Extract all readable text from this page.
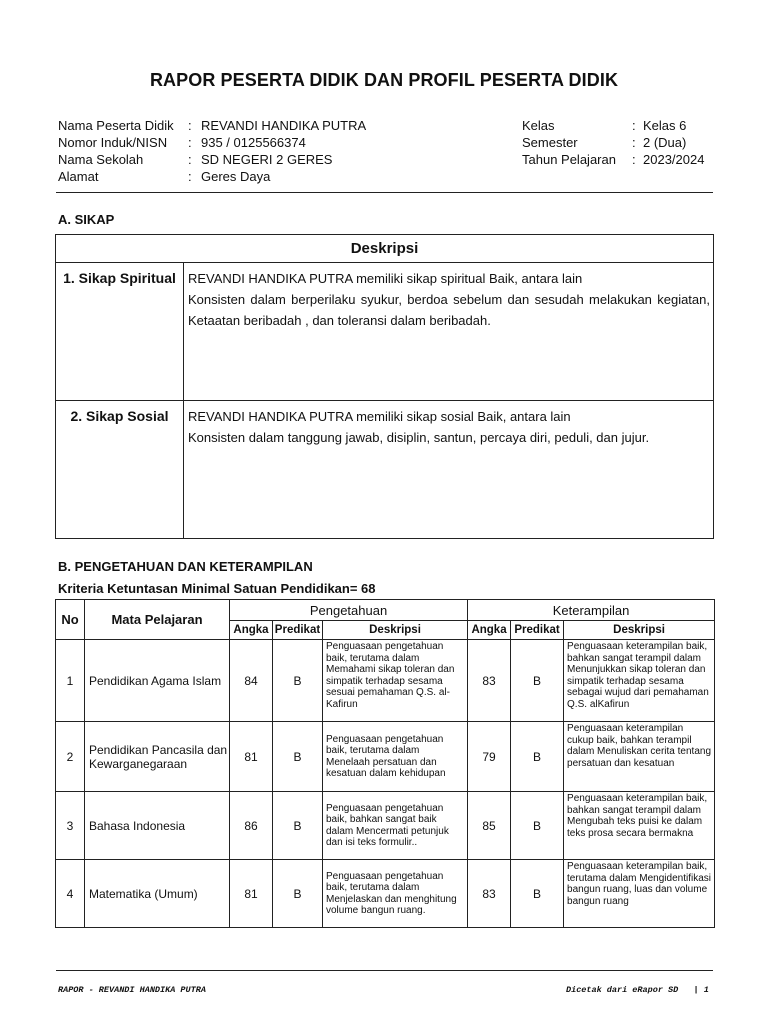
RAPOR PESERTA DIDIK DAN PROFIL PESERTA DIDIK
Nama Peserta Didik	: REVANDI HANDIKA PUTRA
Nomor Induk/NISN	: 935 / 0125566374
Nama Sekolah	: SD NEGERI 2 GERES
Alamat	: Geres Daya
Kelas	: Kelas 6
Semester	: 2 (Dua)
Tahun Pelajaran	: 2023/2024
A. SIKAP
Deskripsi	
1. Sikap Spiritual	REVANDI HANDIKA PUTRA memiliki sikap spiritual Baik, antara lain
Konsisten dalam berperilaku syukur, berdoa sebelum dan sesudah melakukan kegiatan, Ketaatan beribadah , dan toleransi dalam beribadah.

2. Sikap Sosial	REVANDI HANDIKA PUTRA memiliki sikap sosial Baik, antara lain
Konsisten dalam tanggung jawab, disiplin, santun, percaya diri, peduli, dan jujur.
B. PENGETAHUAN DAN KETERAMPILAN
Kriteria Ketuntasan Minimal Satuan Pendidikan= 68
No	Mata Pelajaran	Pengetahuan			Keterampilan		
		Angka	Predikat	Deskripsi	Angka	Predikat	Deskripsi
1	Pendidikan Agama Islam	84	B	Penguasaan pengetahuan baik, terutama dalam Memahami sikap toleran dan simpatik terhadap sesama sesuai pemahaman Q.S. al-Kafirun	83	B	Penguasaan keterampilan baik, bahkan sangat terampil dalam Menunjukkan sikap toleran dan simpatik terhadap sesama sebagai wujud dari pemahaman Q.S. alKafirun
2	Pendidikan Pancasila dan Kewarganegaraan	81	B	Penguasaan pengetahuan baik, terutama dalam Menelaah persatuan dan kesatuan dalam kehidupan	79	B	Penguasaan keterampilan cukup baik, bahkan terampil dalam Menuliskan cerita tentang persatuan dan kesatuan
3	Bahasa Indonesia	86	B	Penguasaan pengetahuan baik, bahkan sangat baik dalam Mencermati petunjuk dan isi teks formulir..	85	B	Penguasaan keterampilan baik, bahkan sangat terampil dalam Mengubah teks puisi ke dalam teks prosa secara bermakna
4	Matematika (Umum)	81	B	Penguasaan pengetahuan baik, terutama dalam Menjelaskan dan menghitung volume bangun ruang.	83	B	Penguasaan keterampilan baik, terutama dalam Mengidentifikasi bangun ruang, luas dan volume bangun ruang
RAPOR - REVANDI HANDIKA PUTRA	Dicetak dari eRapor SD   | 1
